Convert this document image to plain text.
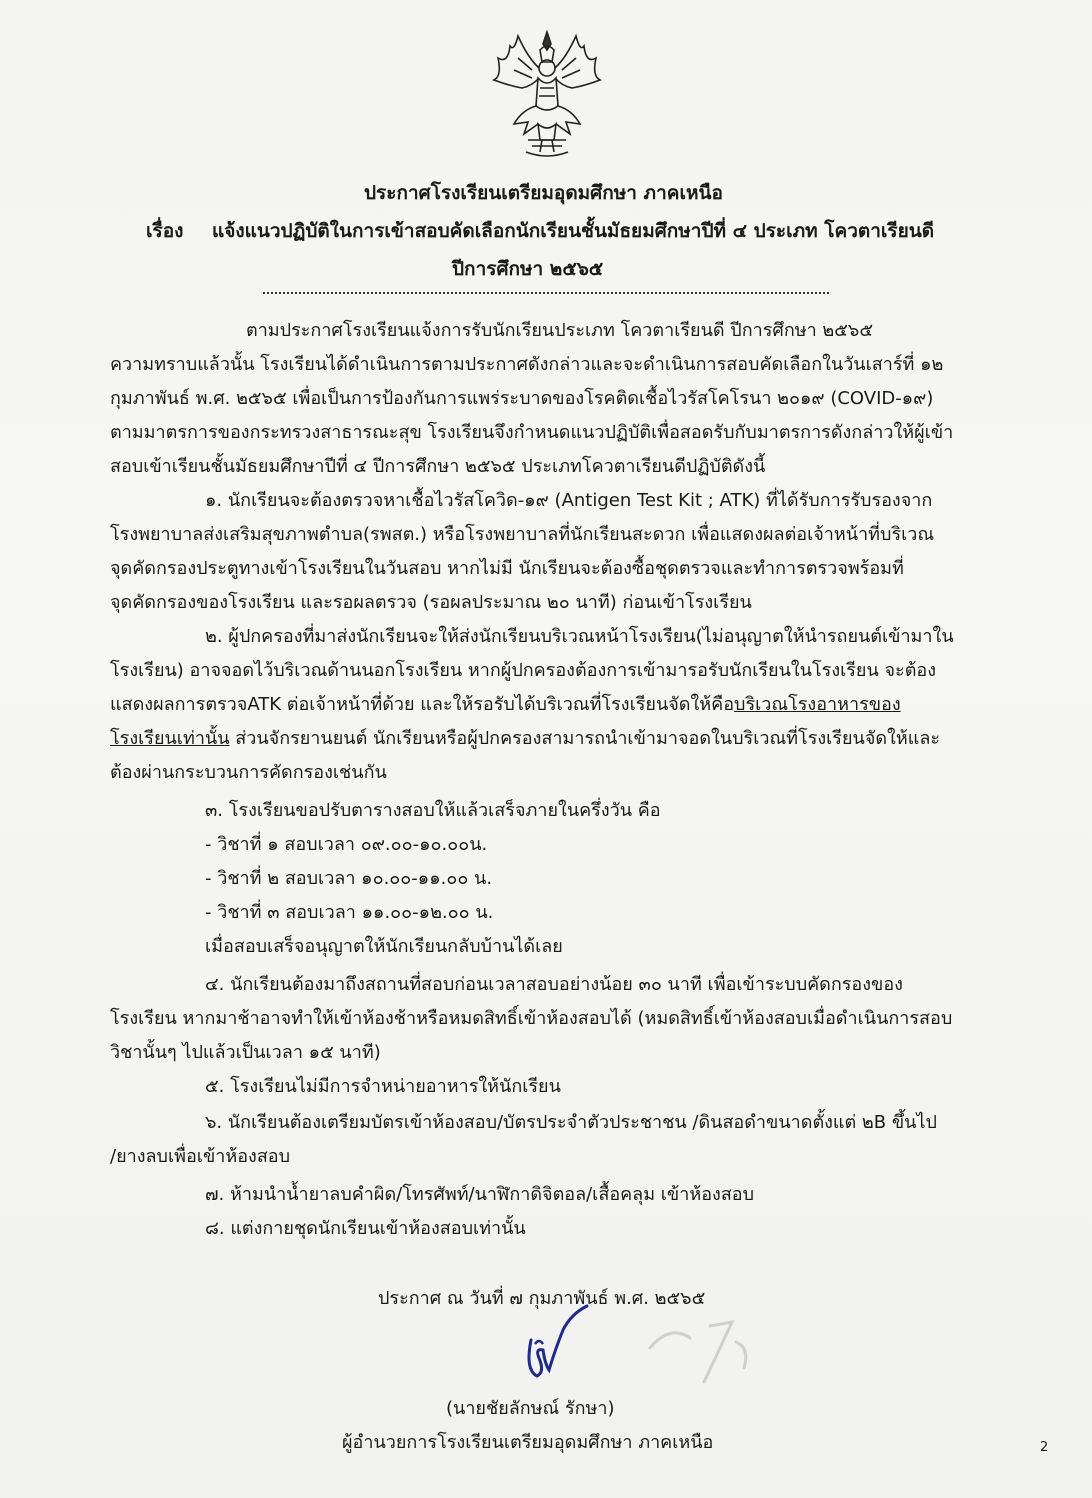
ประกาศโรงเรียนเตรียมอุดมศึกษา ภาคเหนือ
เรื่อง แจ้งแนวปฏิบัติในการเข้าสอบคัดเลือกนักเรียนชั้นมัธยมศึกษาปีที่ ๔ ประเภท โควตาเรียนดี
ปีการศึกษา ๒๕๖๕
ตามประกาศโรงเรียนแจ้งการรับนักเรียนประเภท โควตาเรียนดี ปีการศึกษา ๒๕๖๕
ความทราบแล้วนั้น โรงเรียนได้ดำเนินการตามประกาศดังกล่าวและจะดำเนินการสอบคัดเลือกในวันเสาร์ที่ ๑๒
กุมภาพันธ์ พ.ศ. ๒๕๖๕ เพื่อเป็นการป้องกันการแพร่ระบาดของโรคติดเชื้อไวรัสโคโรนา ๒๐๑๙ (COVID-๑๙)
ตามมาตรการของกระทรวงสาธารณะสุข โรงเรียนจึงกำหนดแนวปฏิบัติเพื่อสอดรับกับมาตรการดังกล่าวให้ผู้เข้า
สอบเข้าเรียนชั้นมัธยมศึกษาปีที่ ๔ ปีการศึกษา ๒๕๖๕ ประเภทโควตาเรียนดีปฏิบัติดังนี้
๑. นักเรียนจะต้องตรวจหาเชื้อไวรัสโควิด-๑๙ (Antigen Test Kit ; ATK) ที่ได้รับการรับรองจาก
โรงพยาบาลส่งเสริมสุขภาพตำบล(รพสต.) หรือโรงพยาบาลที่นักเรียนสะดวก เพื่อแสดงผลต่อเจ้าหน้าที่บริเวณ
จุดคัดกรองประตูทางเข้าโรงเรียนในวันสอบ หากไม่มี นักเรียนจะต้องซื้อชุดตรวจและทำการตรวจพร้อมที่
จุดคัดกรองของโรงเรียน และรอผลตรวจ (รอผลประมาณ ๒๐ นาที) ก่อนเข้าโรงเรียน
๒. ผู้ปกครองที่มาส่งนักเรียนจะให้ส่งนักเรียนบริเวณหน้าโรงเรียน(ไม่อนุญาตให้นำรถยนต์เข้ามาใน
โรงเรียน) อาจจอดไว้บริเวณด้านนอกโรงเรียน หากผู้ปกครองต้องการเข้ามารอรับนักเรียนในโรงเรียน จะต้อง
แสดงผลการตรวจATK ต่อเจ้าหน้าที่ด้วย และให้รอรับได้บริเวณที่โรงเรียนจัดให้คือบริเวณโรงอาหารของ
โรงเรียนเท่านั้น ส่วนจักรยานยนต์ นักเรียนหรือผู้ปกครองสามารถนำเข้ามาจอดในบริเวณที่โรงเรียนจัดให้และ
ต้องผ่านกระบวนการคัดกรองเช่นกัน
๓. โรงเรียนขอปรับตารางสอบให้แล้วเสร็จภายในครึ่งวัน คือ
- วิชาที่ ๑ สอบเวลา ๐๙.๐๐-๑๐.๐๐น.
- วิชาที่ ๒ สอบเวลา ๑๐.๐๐-๑๑.๐๐ น.
- วิชาที่ ๓ สอบเวลา ๑๑.๐๐-๑๒.๐๐ น.
เมื่อสอบเสร็จอนุญาตให้นักเรียนกลับบ้านได้เลย
๔. นักเรียนต้องมาถึงสถานที่สอบก่อนเวลาสอบอย่างน้อย ๓๐ นาที เพื่อเข้าระบบคัดกรองของ
โรงเรียน หากมาช้าอาจทำให้เข้าห้องช้าหรือหมดสิทธิ์เข้าห้องสอบได้ (หมดสิทธิ์เข้าห้องสอบเมื่อดำเนินการสอบ
วิชานั้นๆ ไปแล้วเป็นเวลา ๑๕ นาที)
๕. โรงเรียนไม่มีการจำหน่ายอาหารให้นักเรียน
๖. นักเรียนต้องเตรียมบัตรเข้าห้องสอบ/บัตรประจำตัวประชาชน /ดินสอดำขนาดตั้งแต่ ๒B ขึ้นไป
/ยางลบเพื่อเข้าห้องสอบ
๗. ห้ามนำน้ำยาลบคำผิด/โทรศัพท์/นาฬิกาดิจิตอล/เสื้อคลุม เข้าห้องสอบ
๘. แต่งกายชุดนักเรียนเข้าห้องสอบเท่านั้น
ประกาศ ณ วันที่ ๗ กุมภาพันธ์ พ.ศ. ๒๕๖๕
(นายชัยลักษณ์ รักษา)
ผู้อำนวยการโรงเรียนเตรียมอุดมศึกษา ภาคเหนือ	2
